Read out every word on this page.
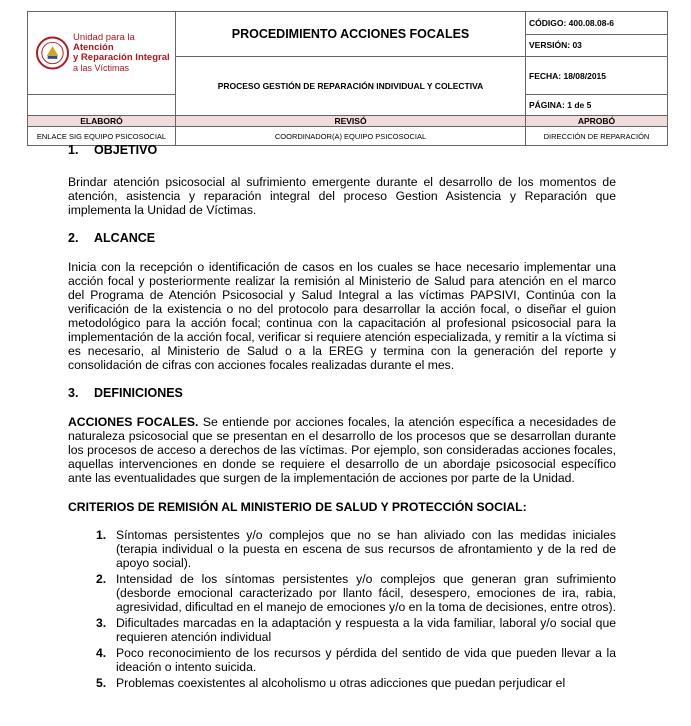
Unidad para la Atención
y Reparación Integral
a las Víctimas	PROCEDIMIENTO ACCIONES FOCALES	CÓDIGO: 400.08.08-6
		VERSIÓN: 03
	PROCESO GESTIÓN DE REPARACIÓN INDIVIDUAL Y COLECTIVA	FECHA: 18/08/2015
		PÁGINA: 1 de 5
ELABORÓ	REVISÓ	APROBÓ
ENLACE SIG EQUIPO PSICOSOCIAL	COORDINADOR(A) EQUIPO PSICOSOCIAL	DIRECCIÓN DE REPARACIÓN

1. OBJETIVO

Brindar atención psicosocial al sufrimiento emergente durante el desarrollo de los momentos de atención, asistencia y reparación integral del proceso Gestion Asistencia y Reparación que implementa la Unidad de Víctimas.

2. ALCANCE

Inicia con la recepción o identificación de casos en los cuales se hace necesario implementar una acción focal y posteriormente realizar la remisión al Ministerio de Salud para atención en el marco del Programa de Atención Psicosocial y Salud Integral a las víctimas PAPSIVI, Continúa con la verificación de la existencia o no del protocolo para desarrollar la acción focal, o diseñar el guion metodológico para la acción focal; continua con la capacitación al profesional psicosocial para la implementación de la acción focal, verificar si requiere atención especializada, y remitir a la víctima si es necesario, al Ministerio de Salud o a la EREG y termina con la generación del reporte y consolidación de cifras con acciones focales realizadas durante el mes.

3. DEFINICIONES

ACCIONES FOCALES. Se entiende por acciones focales, la atención específica a necesidades de naturaleza psicosocial que se presentan en el desarrollo de los procesos que se desarrollan durante los procesos de acceso a derechos de las víctimas. Por ejemplo, son consideradas acciones focales, aquellas intervenciones en donde se requiere el desarrollo de un abordaje psicosocial específico ante las eventualidades que surgen de la implementación de acciones por parte de la Unidad.

CRITERIOS DE REMISIÓN AL MINISTERIO DE SALUD Y PROTECCIÓN SOCIAL:

1. Síntomas persistentes y/o complejos que no se han aliviado con las medidas iniciales (terapia individual o la puesta en escena de sus recursos de afrontamiento y de la red de apoyo social).
2. Intensidad de los síntomas persistentes y/o complejos que generan gran sufrimiento (desborde emocional caracterizado por llanto fácil, desespero, emociones de ira, rabia, agresividad, dificultad en el manejo de emociones y/o en la toma de decisiones, entre otros).
3. Dificultades marcadas en la adaptación y respuesta a la vida familiar, laboral y/o social que requieren atención individual
4. Poco reconocimiento de los recursos y pérdida del sentido de vida que pueden llevar a la ideación o intento suicida.
5. Problemas coexistentes al alcoholismo u otras adicciones que puedan perjudicar el
